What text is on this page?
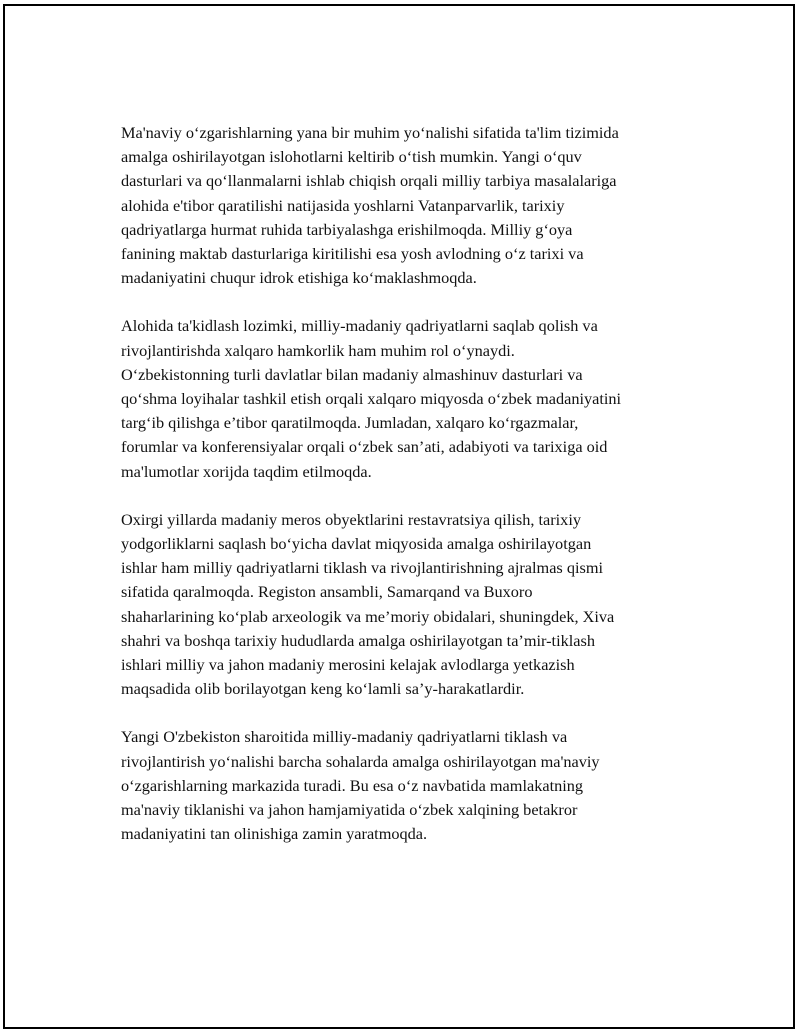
Ma'naviy o‘zgarishlarning yana bir muhim yo‘nalishi sifatida ta'lim tizimida
amalga oshirilayotgan islohotlarni keltirib o‘tish mumkin. Yangi o‘quv
dasturlari va qo‘llanmalarni ishlab chiqish orqali milliy tarbiya masalalariga
alohida e'tibor qaratilishi natijasida yoshlarni Vatanparvarlik, tarixiy
qadriyatlarga hurmat ruhida tarbiyalashga erishilmoqda. Milliy g‘oya
fanining maktab dasturlariga kiritilishi esa yosh avlodning o‘z tarixi va
madaniyatini chuqur idrok etishiga ko‘maklashmoqda.

Alohida ta'kidlash lozimki, milliy-madaniy qadriyatlarni saqlab qolish va
rivojlantirishda xalqaro hamkorlik ham muhim rol o‘ynaydi.
O‘zbekistonning turli davlatlar bilan madaniy almashinuv dasturlari va
qo‘shma loyihalar tashkil etish orqali xalqaro miqyosda o‘zbek madaniyatini
targ‘ib qilishga e’tibor qaratilmoqda. Jumladan, xalqaro ko‘rgazmalar,
forumlar va konferensiyalar orqali o‘zbek san’ati, adabiyoti va tarixiga oid
ma'lumotlar xorijda taqdim etilmoqda.

Oxirgi yillarda madaniy meros obyektlarini restavratsiya qilish, tarixiy
yodgorliklarni saqlash bo‘yicha davlat miqyosida amalga oshirilayotgan
ishlar ham milliy qadriyatlarni tiklash va rivojlantirishning ajralmas qismi
sifatida qaralmoqda. Registon ansambli, Samarqand va Buxoro
shaharlarining ko‘plab arxeologik va me’moriy obidalari, shuningdek, Xiva
shahri va boshqa tarixiy hududlarda amalga oshirilayotgan ta’mir-tiklash
ishlari milliy va jahon madaniy merosini kelajak avlodlarga yetkazish
maqsadida olib borilayotgan keng ko‘lamli sa’y-harakatlardir.

Yangi O'zbekiston sharoitida milliy-madaniy qadriyatlarni tiklash va
rivojlantirish yo‘nalishi barcha sohalarda amalga oshirilayotgan ma'naviy
o‘zgarishlarning markazida turadi. Bu esa o‘z navbatida mamlakatning
ma'naviy tiklanishi va jahon hamjamiyatida o‘zbek xalqining betakror
madaniyatini tan olinishiga zamin yaratmoqda.
